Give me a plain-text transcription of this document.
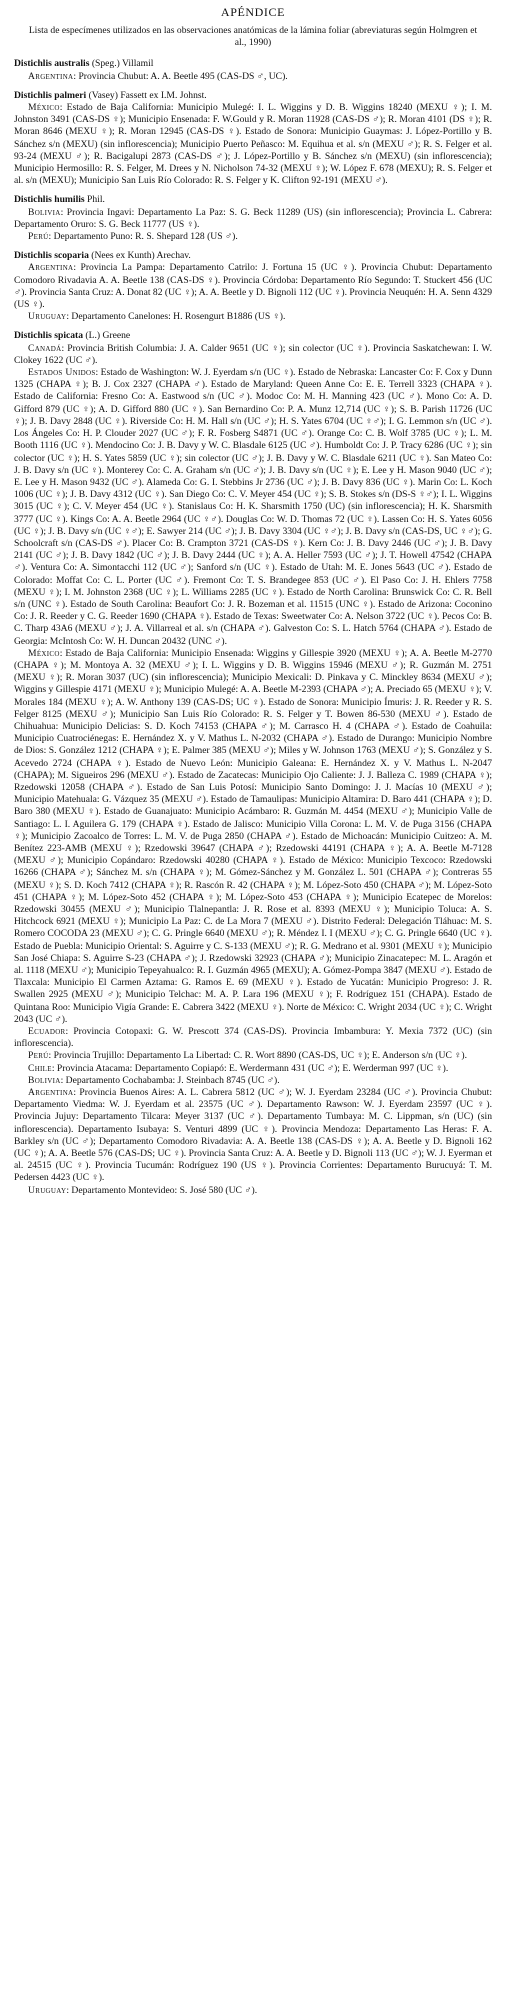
APÉNDICE
Lista de especímenes utilizados en las observaciones anatómicas de la lámina foliar (abreviaturas según Holmgren et al., 1990)

Distichlis australis (Speg.) Villamil

Argentina: Provincia Chubut: A. A. Beetle 495 (CAS-DS ♂, UC).

Distichlis palmeri (Vasey) Fassett ex I.M. Johnst.

México: Estado de Baja California: Municipio Mulegé: I. L. Wiggins y D. B. Wiggins 18240 (MEXU ♀); I. M. Johnston 3491 (CAS-DS ♀); Municipio Ensenada: F. W.Gould y R. Moran 11928 (CAS-DS ♂); R. Moran 4101 (DS ♀); R. Moran 8646 (MEXU ♀); R. Moran 12945 (CAS-DS ♀). Estado de Sonora: Municipio Guaymas: J. López-Portillo y B. Sánchez s/n (MEXU) (sin inflorescencia); Municipio Puerto Peñasco: M. Equihua et al. s/n (MEXU ♂); R. S. Felger et al. 93-24 (MEXU ♂); R. Bacigalupi 2873 (CAS-DS ♂); J. López-Portillo y B. Sánchez s/n (MEXU) (sin inflorescencia); Municipio Hermosillo: R. S. Felger, M. Drees y N. Nicholson 74-32 (MEXU ♀); W. López F. 678 (MEXU); R. S. Felger et al. s/n (MEXU); Municipio San Luis Río Colorado: R. S. Felger y K. Clifton 92-191 (MEXU ♂).

Distichlis humilis Phil.

Bolivia: Provincia Ingavi: Departamento La Paz: S. G. Beck 11289 (US) (sin inflorescencia); Provincia L. Cabrera: Departamento Oruro: S. G. Beck 11777 (US ♀).

Perú: Departamento Puno: R. S. Shepard 128 (US ♂).

Distichlis scoparia (Nees ex Kunth) Arechav.

Argentina: Provincia La Pampa: Departamento Catrilo: J. Fortuna 15 (UC ♀). Provincia Chubut: Departamento Comodoro Rivadavia A. A. Beetle 138 (CAS-DS ♀). Provincia Córdoba: Departamento Río Segundo: T. Stuckert 456 (UC ♂). Provincia Santa Cruz: A. Donat 82 (UC ♀); A. A. Beetle y D. Bignoli 112 (UC ♀). Provincia Neuquén: H. A. Senn 4329 (US ♀).

Uruguay: Departamento Canelones: H. Rosengurt B1886 (US ♀).

Distichlis spicata (L.) Greene

Canadá: Provincia British Columbia: J. A. Calder 9651 (UC ♀); sin colector (UC ♀). Provincia Saskatchewan: I. W. Clokey 1622 (UC ♂).

Estados Unidos: Estado de Washington: W. J. Eyerdam s/n (UC ♀). Estado de Nebraska: Lancaster Co: F. Cox y Dunn 1325 (CHAPA ♀); B. J. Cox 2327 (CHAPA ♂). Estado de Maryland: Queen Anne Co: E. E. Terrell 3323 (CHAPA ♀). Estado de California: Fresno Co: A. Eastwood s/n (UC ♂). Modoc Co: M. H. Manning 423 (UC ♂). Mono Co: A. D. Gifford 879 (UC ♀); A. D. Gifford 880 (UC ♀). San Bernardino Co: P. A. Munz 12,714 (UC ♀); S. B. Parish 11726 (UC ♀); J. B. Davy 2848 (UC ♀). Riverside Co: H. M. Hall s/n (UC ♂); H. S. Yates 6704 (UC ♀♂); I. G. Lemmon s/n (UC ♂). Los Ángeles Co: H. P. Clouder 2027 (UC ♂); F. R. Fosberg S4871 (UC ♂). Orange Co: C. B. Wolf 3785 (UC ♀); L. M. Booth 1116 (UC ♀). Mendocino Co: J. B. Davy y W. C. Blasdale 6125 (UC ♂). Humboldt Co: J. P. Tracy 6286 (UC ♀); sin colector (UC ♀); H. S. Yates 5859 (UC ♀); sin colector (UC ♂); J. B. Davy y W. C. Blasdale 6211 (UC ♀). San Mateo Co: J. B. Davy s/n (UC ♀). Monterey Co: C. A. Graham s/n (UC ♂); J. B. Davy s/n (UC ♀); E. Lee y H. Mason 9040 (UC ♂); E. Lee y H. Mason 9432 (UC ♂). Alameda Co: G. I. Stebbins Jr 2736 (UC ♂); J. B. Davy 836 (UC ♀). Marin Co: L. Koch 1006 (UC ♀); J. B. Davy 4312 (UC ♀). San Diego Co: C. V. Meyer 454 (UC ♀); S. B. Stokes s/n (DS-S ♀♂); I. L. Wiggins 3015 (UC ♀); C. V. Meyer 454 (UC ♀). Stanislaus Co: H. K. Sharsmith 1750 (UC) (sin inflorescencia); H. K. Sharsmith 3777 (UC ♀). Kings Co: A. A. Beetle 2964 (UC ♀♂). Douglas Co: W. D. Thomas 72 (UC ♀). Lassen Co: H. S. Yates 6056 (UC ♀); J. B. Davy s/n (UC ♀♂); E. Sawyer 214 (UC ♂); J. B. Davy 3304 (UC ♀♂); J. B. Davy s/n (CAS-DS, UC ♀♂); G. Schoolcraft s/n (CAS-DS ♂). Placer Co: B. Crampton 3721 (CAS-DS ♀). Kern Co: J. B. Davy 2446 (UC ♂); J. B. Davy 2141 (UC ♂); J. B. Davy 1842 (UC ♂); J. B. Davy 2444 (UC ♀); A. A. Heller 7593 (UC ♂); J. T. Howell 47542 (CHAPA ♂). Ventura Co: A. Simontacchi 112 (UC ♂); Sanford s/n (UC ♀). Estado de Utah: M. E. Jones 5643 (UC ♂). Estado de Colorado: Moffat Co: C. L. Porter (UC ♂). Fremont Co: T. S. Brandegee 853 (UC ♂). El Paso Co: J. H. Ehlers 7758 (MEXU ♀); I. M. Johnston 2368 (UC ♀); L. Williams 2285 (UC ♀). Estado de North Carolina: Brunswick Co: C. R. Bell s/n (UNC ♀). Estado de South Carolina: Beaufort Co: J. R. Bozeman et al. 11515 (UNC ♀). Estado de Arizona: Coconino Co: J. R. Reeder y C. G. Reeder 1690 (CHAPA ♀). Estado de Texas: Sweetwater Co: A. Nelson 3722 (UC ♀). Pecos Co: B. C. Tharp 43A6 (MEXU ♂); J. A. Villarreal et al. s/n (CHAPA ♂). Galveston Co: S. L. Hatch 5764 (CHAPA ♂). Estado de Georgia: McIntosh Co: W. H. Duncan 20432 (UNC ♂).

México: Estado de Baja California: Municipio Ensenada: Wiggins y Gillespie 3920 (MEXU ♀); A. A. Beetle M-2770 (CHAPA ♀); M. Montoya A. 32 (MEXU ♂); I. L. Wiggins y D. B. Wiggins 15946 (MEXU ♂); R. Guzmán M. 2751 (MEXU ♀); R. Moran 3037 (UC) (sin inflorescencia); Municipio Mexicali: D. Pinkava y C. Minckley 8634 (MEXU ♂); Wiggins y Gillespie 4171 (MEXU ♀); Municipio Mulegé: A. A. Beetle M-2393 (CHAPA ♂); A. Preciado 65 (MEXU ♀); V. Morales 184 (MEXU ♀); A. W. Anthony 139 (CAS-DS; UC ♀). Estado de Sonora: Municipio Ímuris: J. R. Reeder y R. S. Felger 8125 (MEXU ♂); Municipio San Luis Río Colorado: R. S. Felger y T. Bowen 86-530 (MEXU ♂). Estado de Chihuahua: Municipio Delicias: S. D. Koch 74153 (CHAPA ♂); M. Carrasco H. 4 (CHAPA ♂). Estado de Coahuila: Municipio Cuatrociénegas: E. Hernández X. y V. Mathus L. N-2032 (CHAPA ♂). Estado de Durango: Municipio Nombre de Dios: S. González 1212 (CHAPA ♀); E. Palmer 385 (MEXU ♂); Miles y W. Johnson 1763 (MEXU ♂); S. González y S. Acevedo 2724 (CHAPA ♀). Estado de Nuevo León: Municipio Galeana: E. Hernández X. y V. Mathus L. N-2047 (CHAPA); M. Sigueiros 296 (MEXU ♂). Estado de Zacatecas: Municipio Ojo Caliente: J. J. Balleza C. 1989 (CHAPA ♀); Rzedowski 12058 (CHAPA ♂). Estado de San Luis Potosí: Municipio Santo Domingo: J. J. Macías 10 (MEXU ♂); Municipio Matehuala: G. Vázquez 35 (MEXU ♂). Estado de Tamaulipas: Municipio Altamira: D. Baro 441 (CHAPA ♀); D. Baro 380 (MEXU ♀). Estado de Guanajuato: Municipio Acámbaro: R. Guzmán M. 4454 (MEXU ♂); Municipio Valle de Santiago: L. I. Aguilera G. 179 (CHAPA ♀). Estado de Jalisco: Municipio Villa Corona: L. M. V. de Puga 3156 (CHAPA ♀); Municipio Zacoalco de Torres: L. M. V. de Puga 2850 (CHAPA ♂). Estado de Michoacán: Municipio Cuitzeo: A. M. Benítez 223-AMB (MEXU ♀); Rzedowski 39647 (CHAPA ♂); Rzedowski 44191 (CHAPA ♀); A. A. Beetle M-7128 (MEXU ♂); Municipio Copándaro: Rzedowski 40280 (CHAPA ♀). Estado de México: Municipio Texcoco: Rzedowski 16266 (CHAPA ♂); Sánchez M. s/n (CHAPA ♀); M. Gómez-Sánchez y M. González L. 501 (CHAPA ♂); Contreras 55 (MEXU ♀); S. D. Koch 7412 (CHAPA ♀); R. Rascón R. 42 (CHAPA ♀); M. López-Soto 450 (CHAPA ♂); M. López-Soto 451 (CHAPA ♀); M. López-Soto 452 (CHAPA ♀); M. López-Soto 453 (CHAPA ♀); Municipio Ecatepec de Morelos: Rzedowski 30455 (MEXU ♂); Municipio Tlalnepantla: J. R. Rose et al. 8393 (MEXU ♀); Municipio Toluca: A. S. Hitchcock 6921 (MEXU ♀); Municipio La Paz: C. de La Mora 7 (MEXU ♂). Distrito Federal: Delegación Tláhuac: M. S. Romero COCODA 23 (MEXU ♂); C. G. Pringle 6640 (MEXU ♂); R. Méndez I. I (MEXU ♂); C. G. Pringle 6640 (UC ♀). Estado de Puebla: Municipio Oriental: S. Aguirre y C. S-133 (MEXU ♂); R. G. Medrano et al. 9301 (MEXU ♀); Municipio San José Chiapa: S. Aguirre S-23 (CHAPA ♂); J. Rzedowski 32923 (CHAPA ♂); Municipio Zinacatepec: M. L. Aragón et al. 1118 (MEXU ♂); Municipio Tepeyahualco: R. I. Guzmán 4965 (MEXU); A. Gómez-Pompa 3847 (MEXU ♂). Estado de Tlaxcala: Municipio El Carmen Aztama: G. Ramos E. 69 (MEXU ♀). Estado de Yucatán: Municipio Progreso: J. R. Swallen 2925 (MEXU ♂); Municipio Telchac: M. A. P. Lara 196 (MEXU ♀); F. Rodríguez 151 (CHAPA). Estado de Quintana Roo: Municipio Vigía Grande: E. Cabrera 3422 (MEXU ♀). Norte de México: C. Wright 2034 (UC ♀); C. Wright 2043 (UC ♂).

Ecuador: Provincia Cotopaxi: G. W. Prescott 374 (CAS-DS). Provincia Imbambura: Y. Mexia 7372 (UC) (sin inflorescencia).

Perú: Provincia Trujillo: Departamento La Libertad: C. R. Wort 8890 (CAS-DS, UC ♀); E. Anderson s/n (UC ♀).

Chile: Provincia Atacama: Departamento Copiapó: E. Werdermann 431 (UC ♂); E. Werderman 997 (UC ♀).

Bolivia: Departamento Cochabamba: J. Steinbach 8745 (UC ♂).

Argentina: Provincia Buenos Aires: A. L. Cabrera 5812 (UC ♂); W. J. Eyerdam 23284 (UC ♂). Provincia Chubut: Departamento Viedma: W. J. Eyerdam et al. 23575 (UC ♂). Departamento Rawson: W. J. Eyerdam 23597 (UC ♀). Provincia Jujuy: Departamento Tilcara: Meyer 3137 (UC ♂). Departamento Tumbaya: M. C. Lippman, s/n (UC) (sin inflorescencia). Departamento Isubaya: S. Venturi 4899 (UC ♀). Provincia Mendoza: Departamento Las Heras: F. A. Barkley s/n (UC ♂); Departamento Comodoro Rivadavia: A. A. Beetle 138 (CAS-DS ♀); A. A. Beetle y D. Bignoli 162 (UC ♀); A. A. Beetle 576 (CAS-DS; UC ♀). Provincia Santa Cruz: A. A. Beetle y D. Bignoli 113 (UC ♂); W. J. Eyerman et al. 24515 (UC ♀). Provincia Tucumán: Rodríguez 190 (US ♀). Provincia Corrientes: Departamento Burucuyá: T. M. Pedersen 4423 (UC ♀).

Uruguay: Departamento Montevideo: S. José 580 (UC ♂).
